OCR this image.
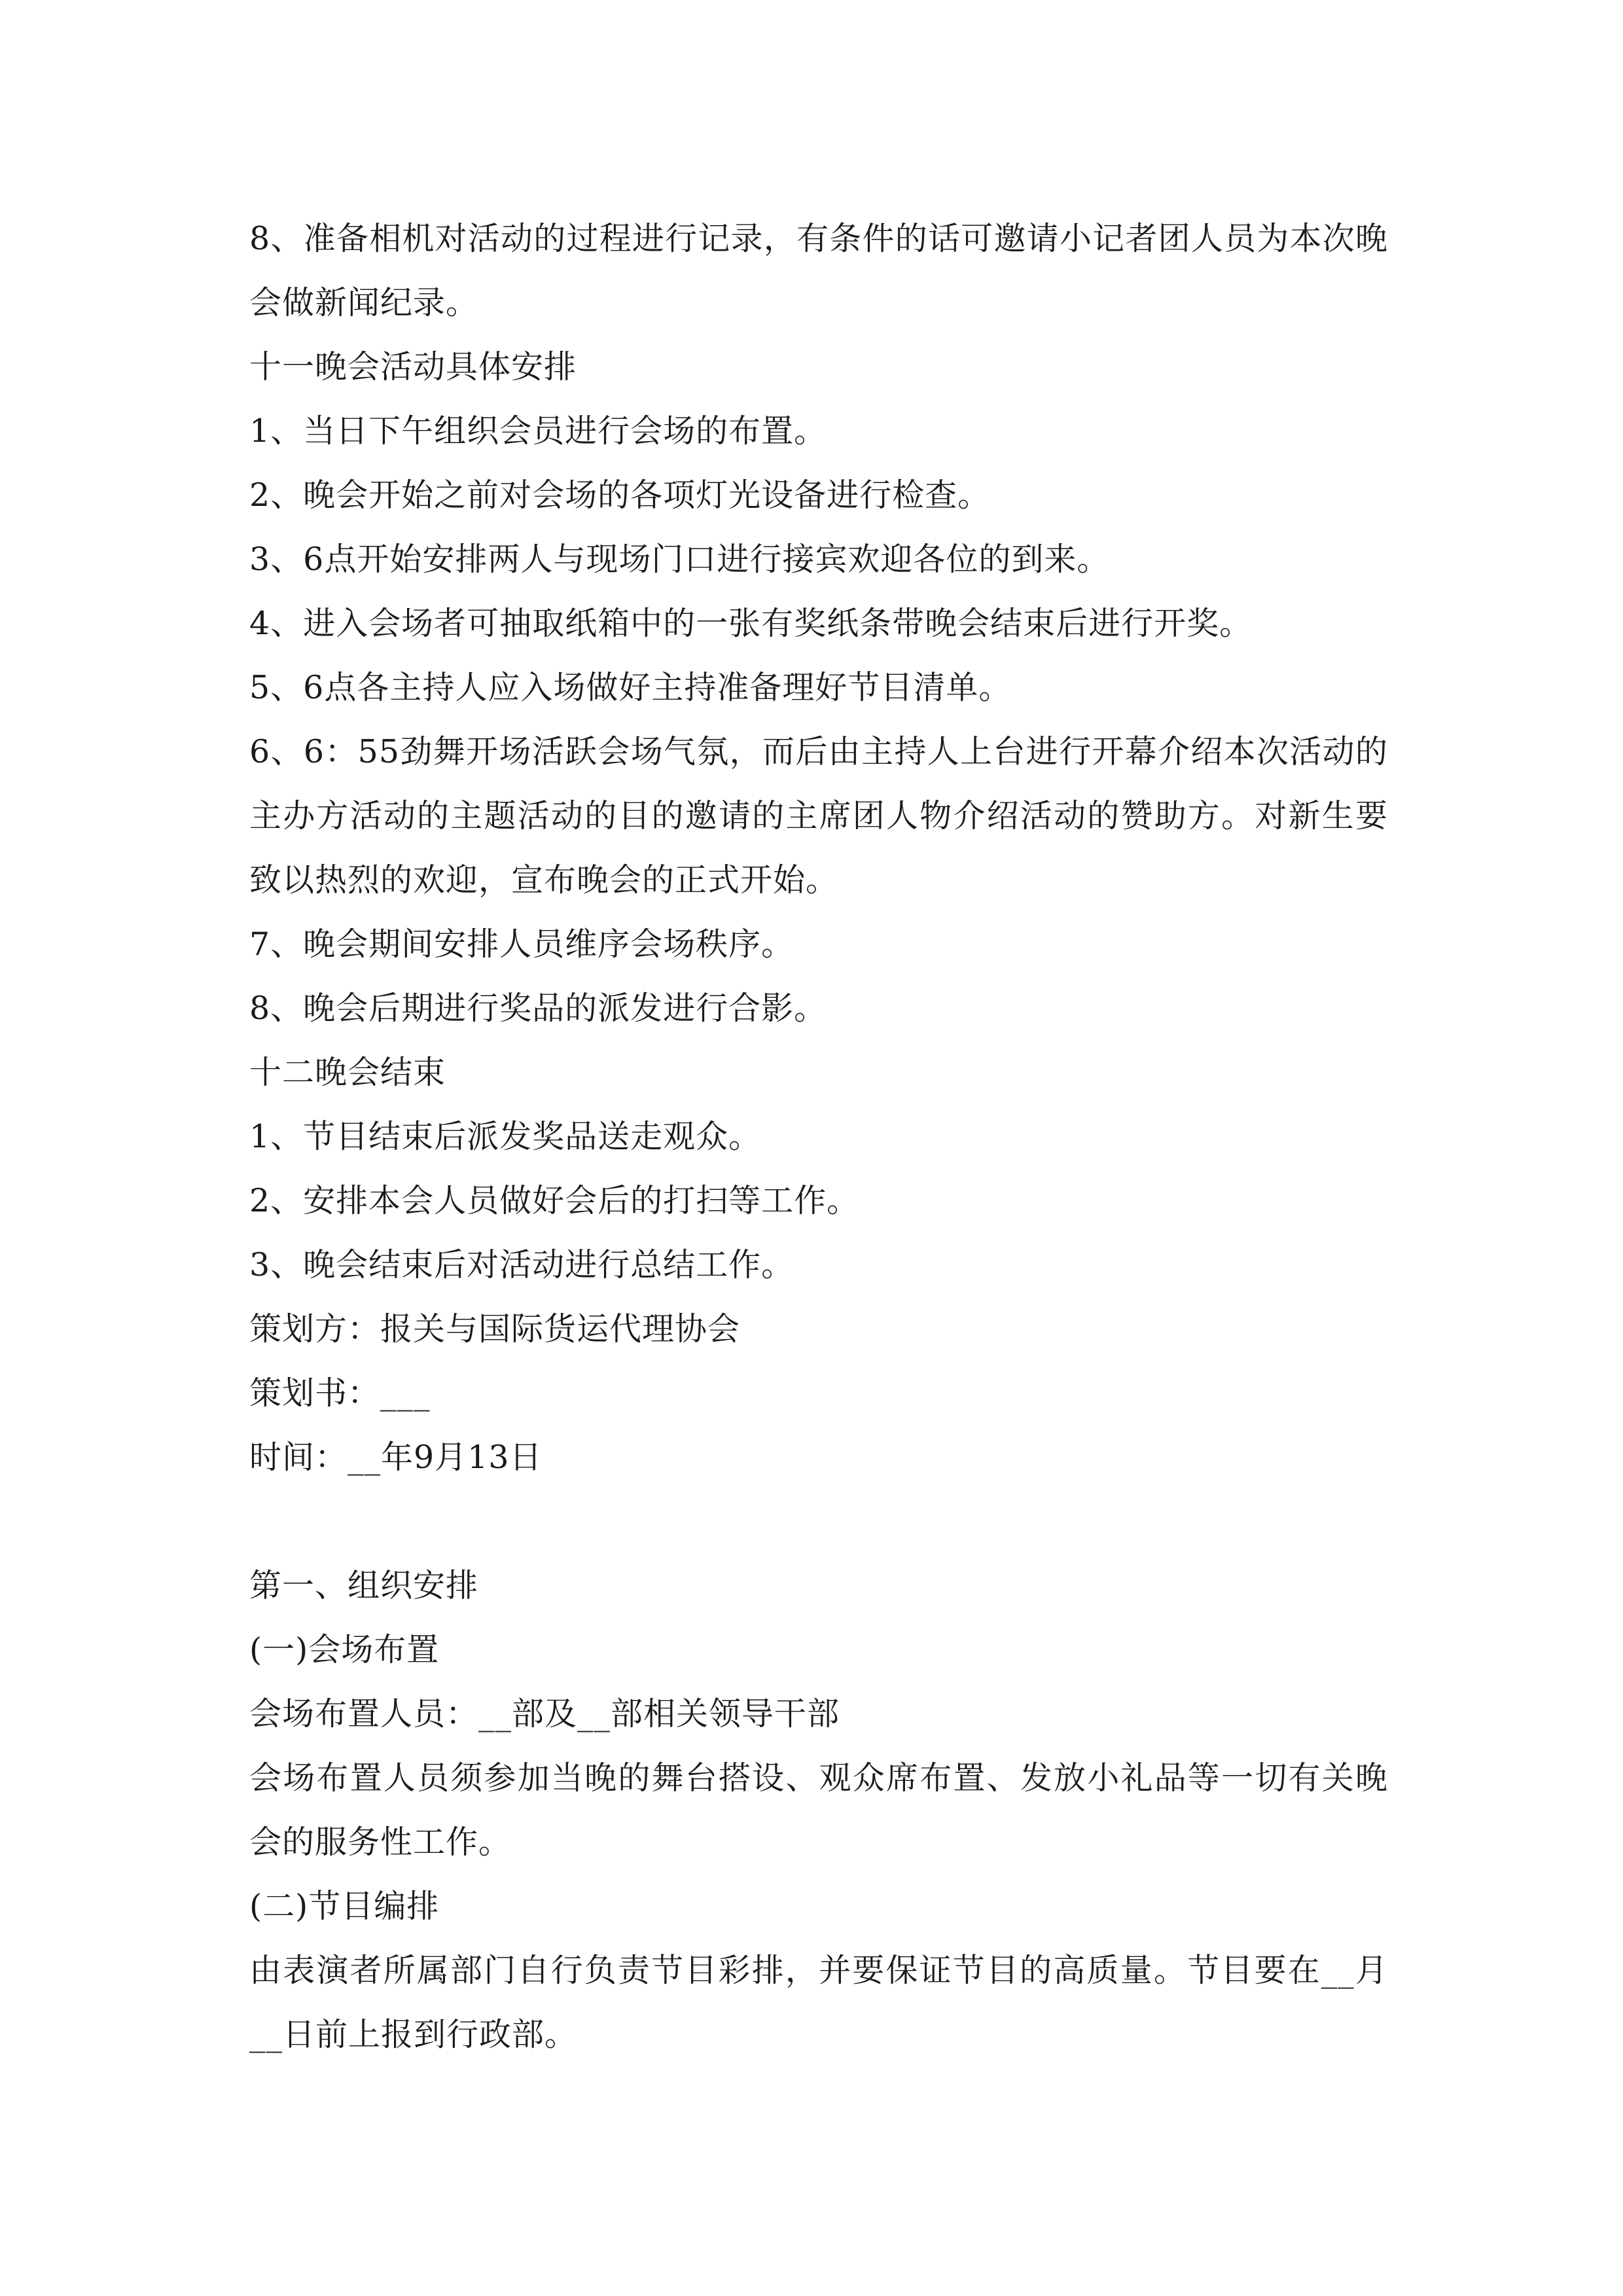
8、准备相机对活动的过程进行记录，有条件的话可邀请小记者团人员为本次晚会做新闻纪录。

十一晚会活动具体安排

1、当日下午组织会员进行会场的布置。

2、晚会开始之前对会场的各项灯光设备进行检查。

3、6点开始安排两人与现场门口进行接宾欢迎各位的到来。

4、进入会场者可抽取纸箱中的一张有奖纸条带晚会结束后进行开奖。

5、6点各主持人应入场做好主持准备理好节目清单。

6、6：55劲舞开场活跃会场气氛，而后由主持人上台进行开幕介绍本次活动的主办方活动的主题活动的目的邀请的主席团人物介绍活动的赞助方。对新生要致以热烈的欢迎，宣布晚会的正式开始。

7、晚会期间安排人员维序会场秩序。

8、晚会后期进行奖品的派发进行合影。

十二晚会结束

1、节目结束后派发奖品送走观众。

2、安排本会人员做好会后的打扫等工作。

3、晚会结束后对活动进行总结工作。

策划方：报关与国际货运代理协会

策划书：___

时间：__年9月13日

第一、组织安排

(一)会场布置

会场布置人员：__部及__部相关领导干部

会场布置人员须参加当晚的舞台搭设、观众席布置、发放小礼品等一切有关晚会的服务性工作。

(二)节目编排

由表演者所属部门自行负责节目彩排，并要保证节目的高质量。节目要在__月__日前上报到行政部。
